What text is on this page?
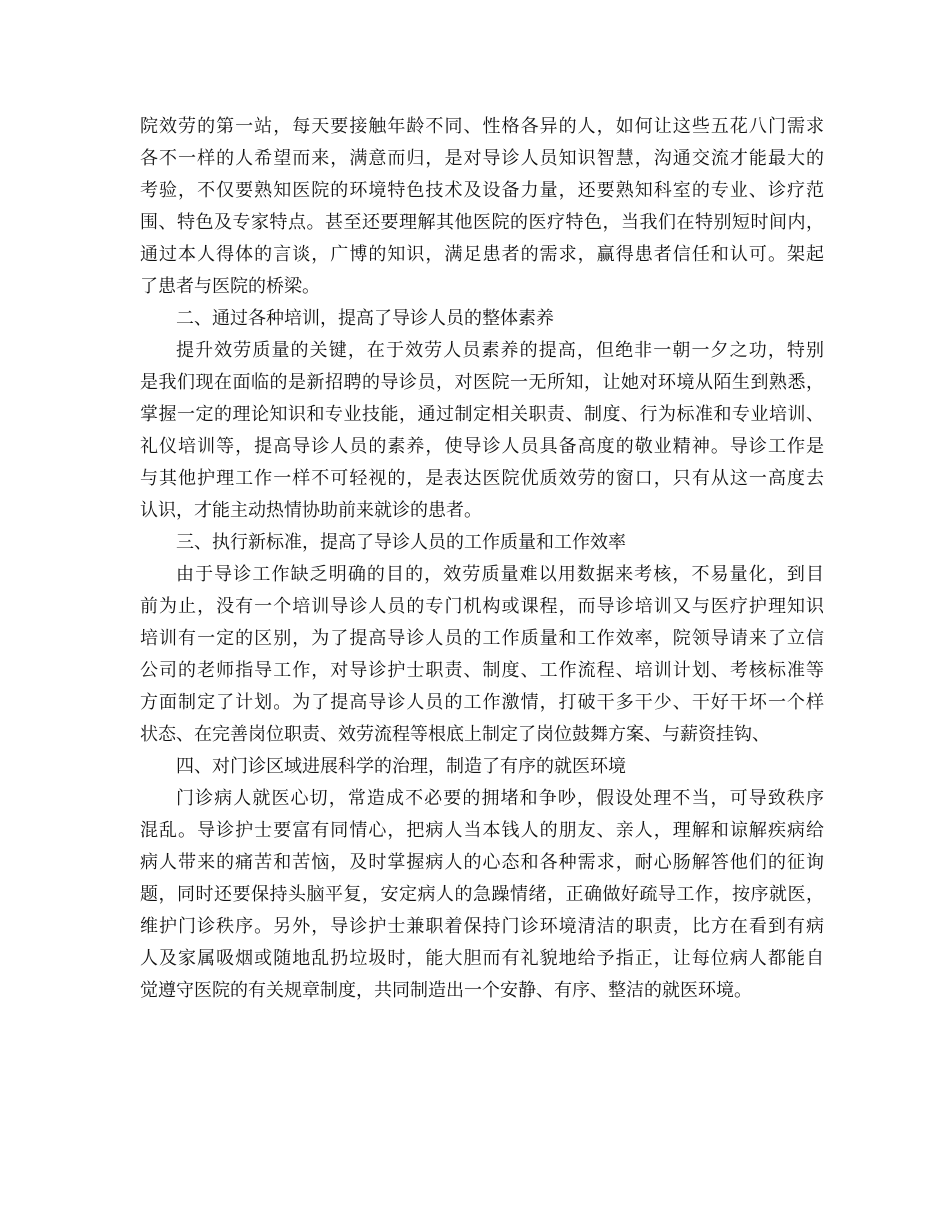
院效劳的第一站，每天要接触年龄不同、性格各异的人，如何让这些五花八门需求
各不一样的人希望而来，满意而归，是对导诊人员知识智慧，沟通交流才能最大的
考验，不仅要熟知医院的环境特色技术及设备力量，还要熟知科室的专业、诊疗范
围、特色及专家特点。甚至还要理解其他医院的医疗特色，当我们在特别短时间内，
通过本人得体的言谈，广博的知识，满足患者的需求，赢得患者信任和认可。架起
了患者与医院的桥梁。
二、通过各种培训，提高了导诊人员的整体素养
提升效劳质量的关键，在于效劳人员素养的提高，但绝非一朝一夕之功，特别
是我们现在面临的是新招聘的导诊员，对医院一无所知，让她对环境从陌生到熟悉，
掌握一定的理论知识和专业技能，通过制定相关职责、制度、行为标准和专业培训、
礼仪培训等，提高导诊人员的素养，使导诊人员具备高度的敬业精神。导诊工作是
与其他护理工作一样不可轻视的，是表达医院优质效劳的窗口，只有从这一高度去
认识，才能主动热情协助前来就诊的患者。
三、执行新标准，提高了导诊人员的工作质量和工作效率
由于导诊工作缺乏明确的目的，效劳质量难以用数据来考核，不易量化，到目
前为止，没有一个培训导诊人员的专门机构或课程，而导诊培训又与医疗护理知识
培训有一定的区别，为了提高导诊人员的工作质量和工作效率，院领导请来了立信
公司的老师指导工作，对导诊护士职责、制度、工作流程、培训计划、考核标准等
方面制定了计划。为了提高导诊人员的工作激情，打破干多干少、干好干坏一个样
状态、在完善岗位职责、效劳流程等根底上制定了岗位鼓舞方案、与薪资挂钩、
四、对门诊区域进展科学的治理，制造了有序的就医环境
门诊病人就医心切，常造成不必要的拥堵和争吵，假设处理不当，可导致秩序
混乱。导诊护士要富有同情心，把病人当本钱人的朋友、亲人，理解和谅解疾病给
病人带来的痛苦和苦恼，及时掌握病人的心态和各种需求，耐心肠解答他们的征询
题，同时还要保持头脑平复，安定病人的急躁情绪，正确做好疏导工作，按序就医，
维护门诊秩序。另外，导诊护士兼职着保持门诊环境清洁的职责，比方在看到有病
人及家属吸烟或随地乱扔垃圾时，能大胆而有礼貌地给予指正，让每位病人都能自
觉遵守医院的有关规章制度，共同制造出一个安静、有序、整洁的就医环境。
